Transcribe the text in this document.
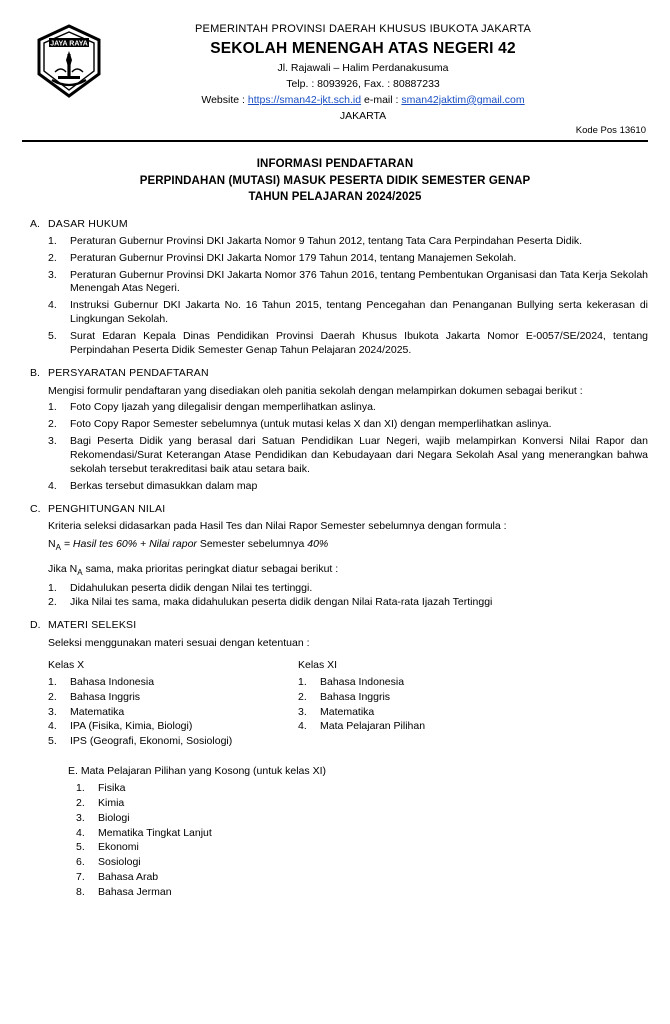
JAYA RAYA
PEMERINTAH PROVINSI DAERAH KHUSUS IBUKOTA JAKARTA
SEKOLAH MENENGAH ATAS NEGERI 42
Jl. Rajawali – Halim Perdanakusuma
Telp. : 8093926, Fax. : 80887233
Website : https://sman42-jkt.sch.id e-mail : sman42jaktim@gmail.com
JAKARTA
Kode Pos 13610
INFORMASI PENDAFTARAN
PERPINDAHAN (MUTASI) MASUK PESERTA DIDIK SEMESTER GENAP
TAHUN PELAJARAN 2024/2025
A. DASAR HUKUM
Peraturan Gubernur Provinsi DKI Jakarta Nomor 9 Tahun 2012, tentang Tata Cara Perpindahan Peserta Didik.
Peraturan Gubernur Provinsi DKI Jakarta Nomor 179 Tahun 2014, tentang Manajemen Sekolah.
Peraturan Gubernur Provinsi DKI Jakarta Nomor 376 Tahun 2016, tentang Pembentukan Organisasi dan Tata Kerja Sekolah Menengah Atas Negeri.
Instruksi Gubernur DKI Jakarta No. 16 Tahun 2015, tentang Pencegahan dan Penanganan Bullying serta kekerasan di Lingkungan Sekolah.
Surat Edaran Kepala Dinas Pendidikan Provinsi Daerah Khusus Ibukota Jakarta Nomor E-0057/SE/2024, tentang Perpindahan Peserta Didik Semester Genap Tahun Pelajaran 2024/2025.
B. PERSYARATAN PENDAFTARAN
Mengisi formulir pendaftaran yang disediakan oleh panitia sekolah dengan melampirkan dokumen sebagai berikut :
Foto Copy Ijazah yang dilegalisir dengan memperlihatkan aslinya.
Foto Copy Rapor Semester sebelumnya (untuk mutasi kelas X dan XI) dengan memperlihatkan aslinya.
Bagi Peserta Didik yang berasal dari Satuan Pendidikan Luar Negeri, wajib melampirkan Konversi Nilai Rapor dan Rekomendasi/Surat Keterangan Atase Pendidikan dan Kebudayaan dari Negara Sekolah Asal yang menerangkan bahwa sekolah tersebut terakreditasi baik atau setara baik.
Berkas tersebut dimasukkan dalam map
C. PENGHITUNGAN NILAI
Kriteria seleksi didasarkan pada Hasil Tes dan Nilai Rapor Semester sebelumnya dengan formula :
$N_A$ = Hasil tes 60% + Nilai rapor Semester sebelumnya 40%
Jika $N_A$ sama, maka prioritas peringkat diatur sebagai berikut :
Didahulukan peserta didik dengan Nilai tes tertinggi.
Jika Nilai tes sama, maka didahulukan peserta didik dengan Nilai Rata-rata Ijazah Tertinggi
D. MATERI SELEKSI
Seleksi menggunakan materi sesuai dengan ketentuan :
Kelas X
Bahasa Indonesia
Bahasa Inggris
Matematika
IPA (Fisika, Kimia, Biologi)
IPS (Geografi, Ekonomi, Sosiologi)
Kelas XI
Bahasa Indonesia
Bahasa Inggris
Matematika
Mata Pelajaran Pilihan
E. Mata Pelajaran Pilihan yang Kosong (untuk kelas XI)
Fisika
Kimia
Biologi
Mematika Tingkat Lanjut
Ekonomi
Sosiologi
Bahasa Arab
Bahasa Jerman
